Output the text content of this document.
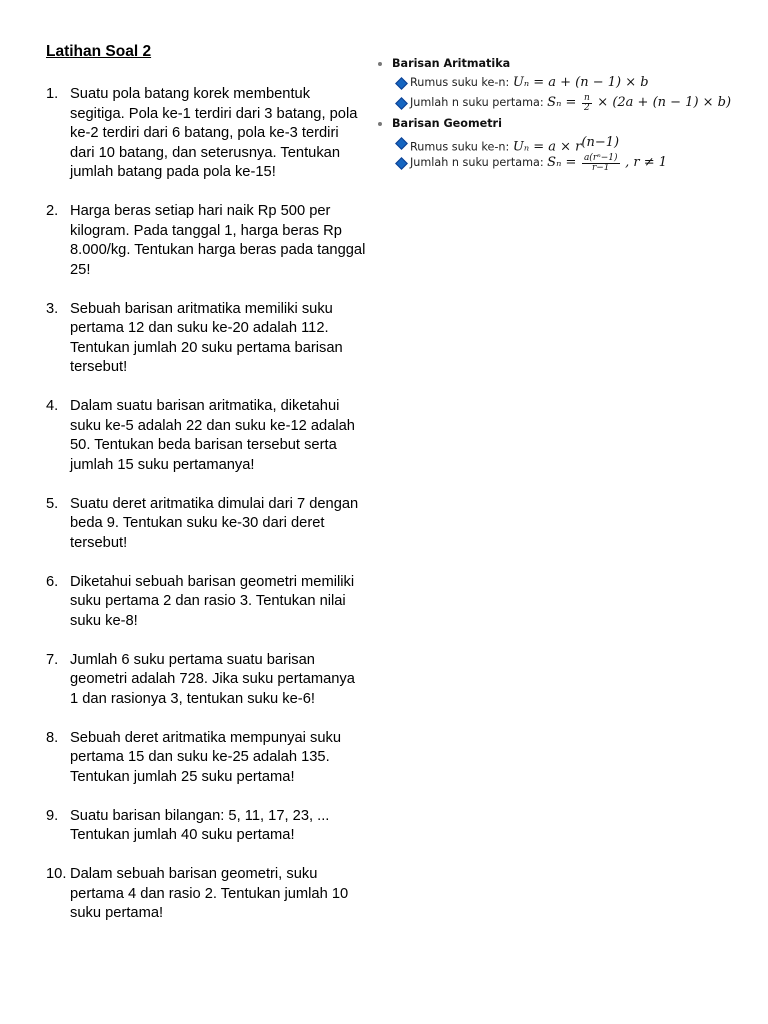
Latihan Soal 2
1. Suatu pola batang korek membentuk segitiga. Pola ke-1 terdiri dari 3 batang, pola ke-2 terdiri dari 6 batang, pola ke-3 terdiri dari 10 batang, dan seterusnya. Tentukan jumlah batang pada pola ke-15!
2. Harga beras setiap hari naik Rp 500 per kilogram. Pada tanggal 1, harga beras Rp 8.000/kg. Tentukan harga beras pada tanggal 25!
3. Sebuah barisan aritmatika memiliki suku pertama 12 dan suku ke-20 adalah 112. Tentukan jumlah 20 suku pertama barisan tersebut!
4. Dalam suatu barisan aritmatika, diketahui suku ke-5 adalah 22 dan suku ke-12 adalah 50. Tentukan beda barisan tersebut serta jumlah 15 suku pertamanya!
5. Suatu deret aritmatika dimulai dari 7 dengan beda 9. Tentukan suku ke-30 dari deret tersebut!
6. Diketahui sebuah barisan geometri memiliki suku pertama 2 dan rasio 3. Tentukan nilai suku ke-8!
7. Jumlah 6 suku pertama suatu barisan geometri adalah 728. Jika suku pertamanya 1 dan rasionya 3, tentukan suku ke-6!
8. Sebuah deret aritmatika mempunyai suku pertama 15 dan suku ke-25 adalah 135. Tentukan jumlah 25 suku pertama!
9. Suatu barisan bilangan: 5, 11, 17, 23, ... Tentukan jumlah 40 suku pertama!
10. Dalam sebuah barisan geometri, suku pertama 4 dan rasio 2. Tentukan jumlah 10 suku pertama!
Barisan Aritmatika
Rumus suku ke-n: Uₙ = a + (n − 1) × b
Jumlah n suku pertama: $S_n = \frac{n}{2} \times (2a + (n - 1) \times b)$
Barisan Geometri
Rumus suku ke-n: $U_n = a \times r^{(n-1)}$
Jumlah n suku pertama: $S_n = \frac{\text{a(rⁿ−1)}}{r-1}$ , r ≠ 1
